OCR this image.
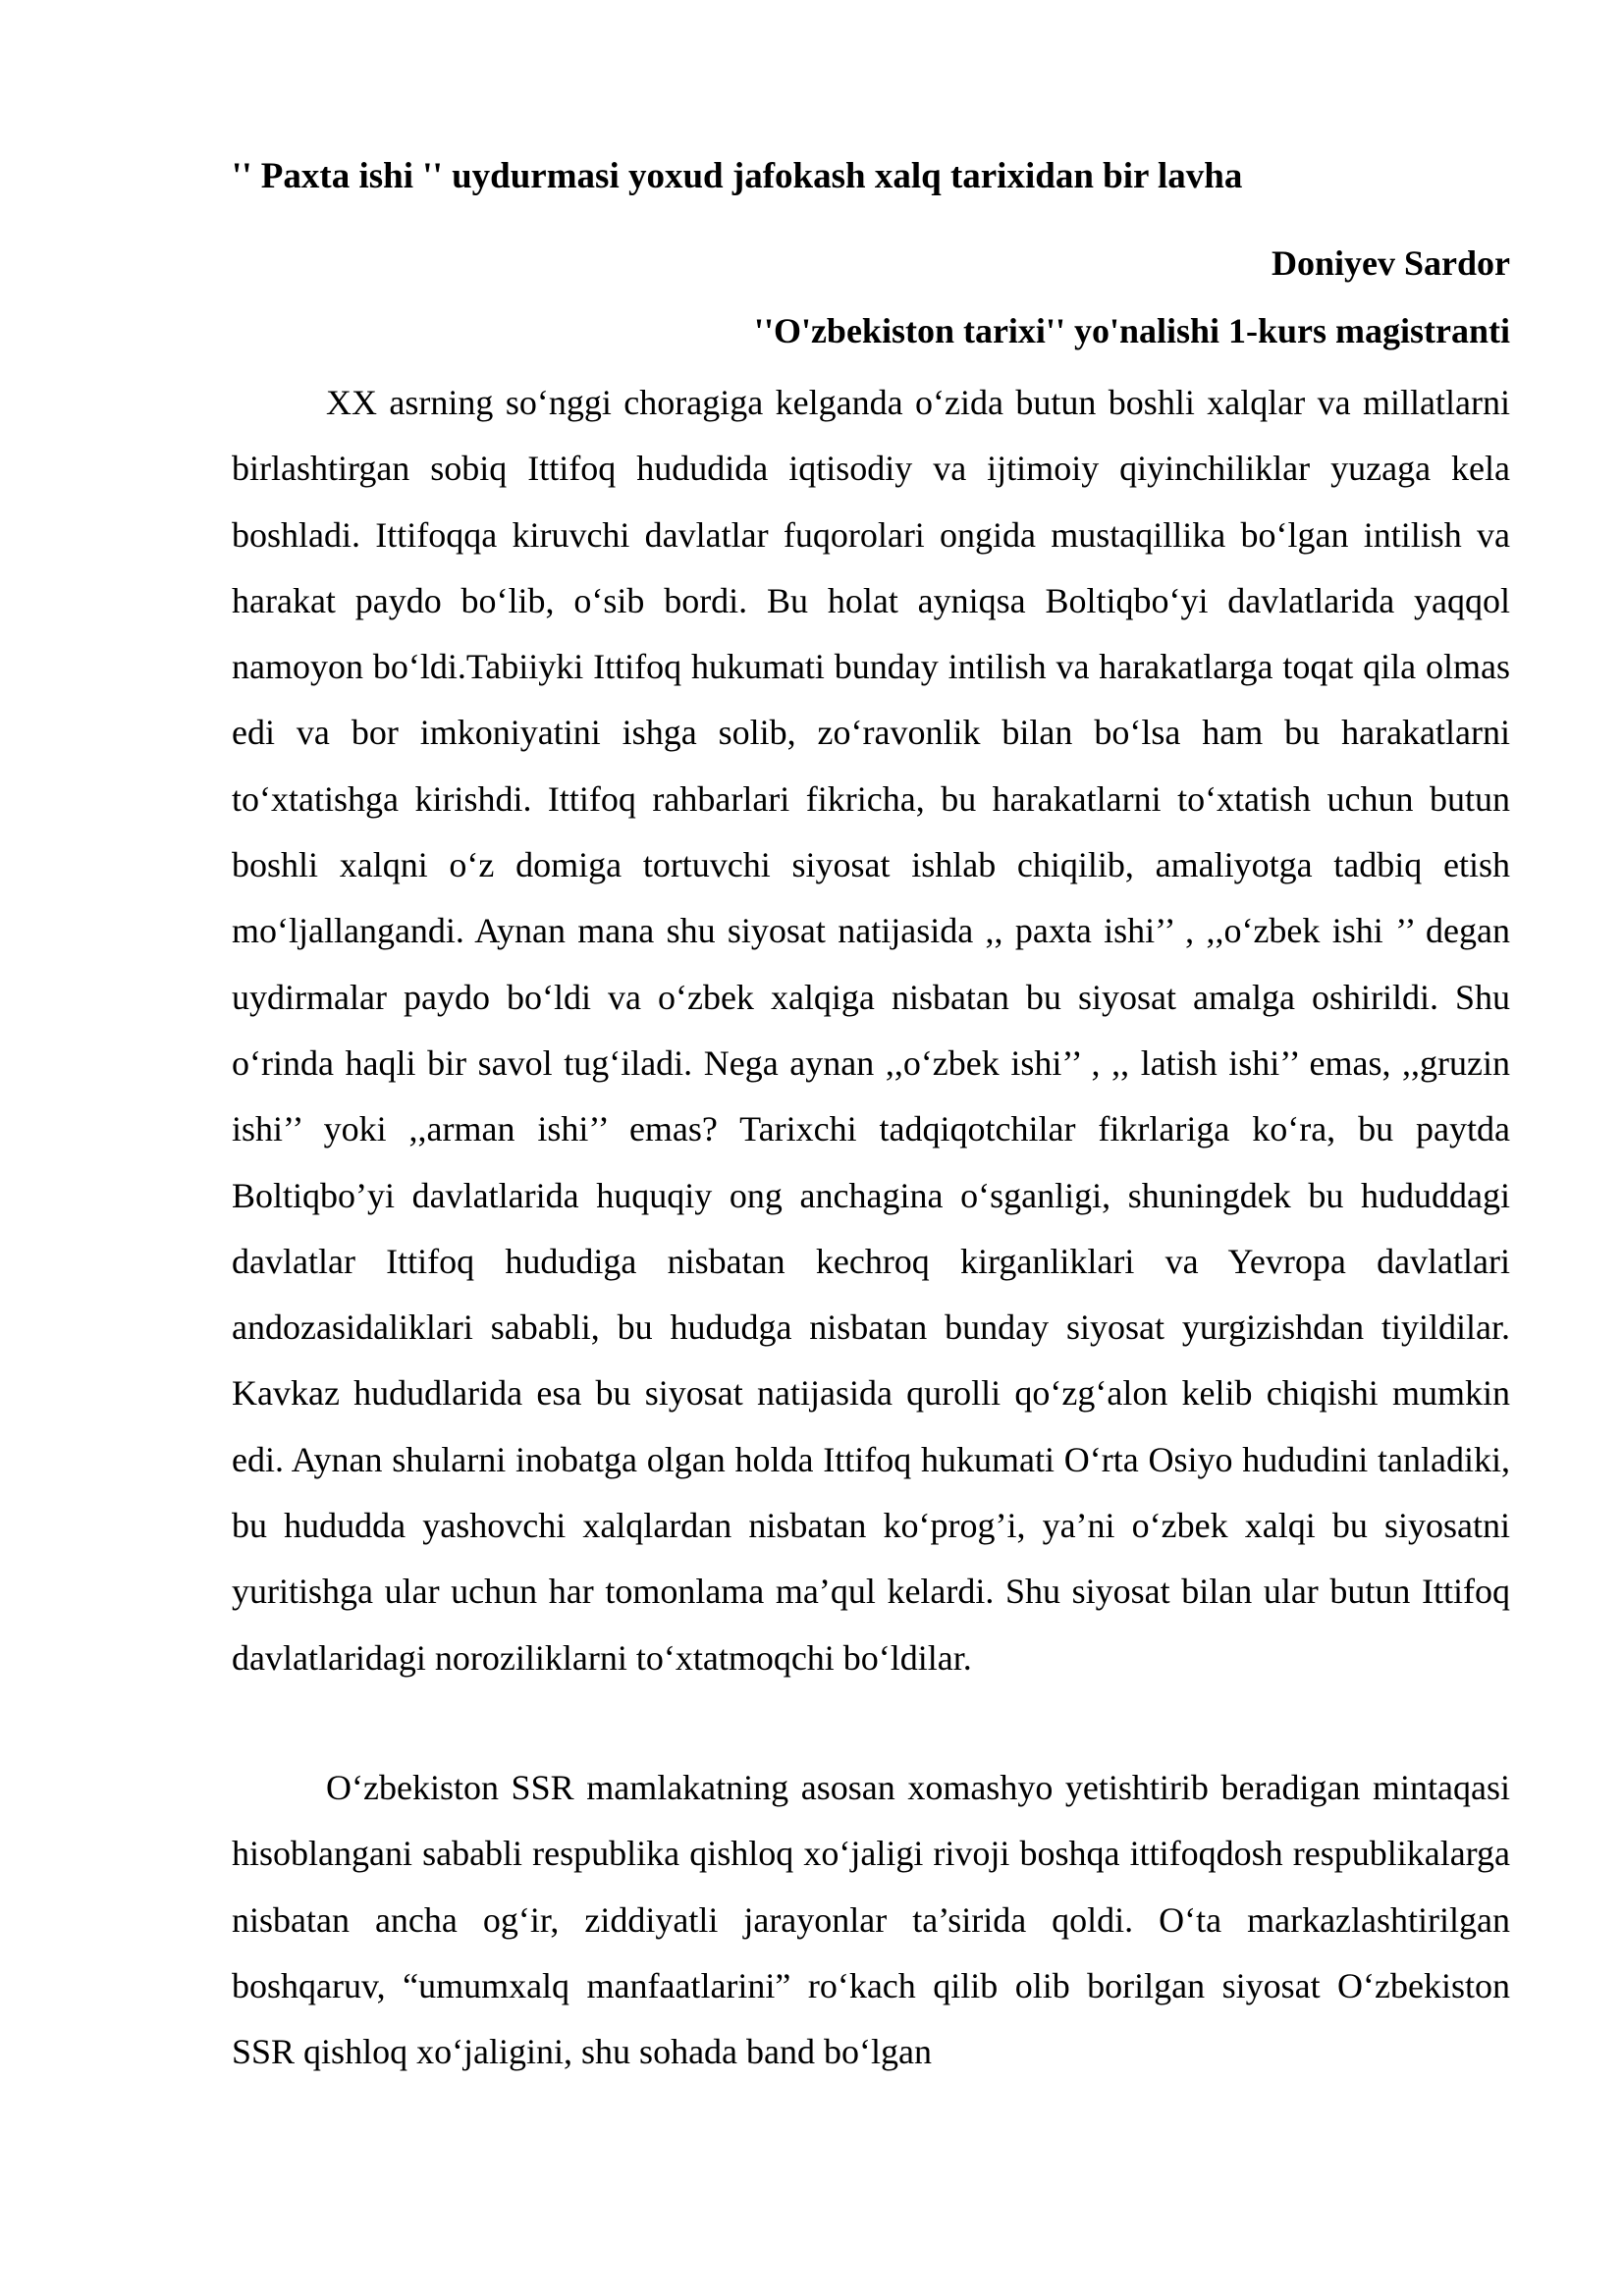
'' Paxta ishi '' uydurmasi yoxud jafokash xalq tarixidan bir lavha
Doniyev Sardor
''O'zbekiston tarixi'' yo'nalishi 1-kurs magistranti

XX asrning so‘nggi choragiga kelganda o‘zida butun boshli xalqlar va millatlarni birlashtirgan sobiq Ittifoq hududida iqtisodiy va ijtimoiy qiyinchiliklar yuzaga kela boshladi. Ittifoqqa kiruvchi davlatlar fuqorolari ongida mustaqillika bo‘lgan intilish va harakat paydo bo‘lib, o‘sib bordi. Bu holat ayniqsa Boltiqbo‘yi davlatlarida yaqqol namoyon bo‘ldi.Tabiiyki Ittifoq hukumati bunday intilish va harakatlarga toqat qila olmas edi va bor imkoniyatini ishga solib, zo‘ravonlik bilan bo‘lsa ham bu harakatlarni to‘xtatishga kirishdi. Ittifoq rahbarlari fikricha, bu harakatlarni to‘xtatish uchun butun boshli xalqni o‘z domiga tortuvchi siyosat ishlab chiqilib, amaliyotga tadbiq etish mo‘ljallangandi. Aynan mana shu siyosat natijasida ,, paxta ishi’’ , ,,o‘zbek ishi ’’ degan uydirmalar paydo bo‘ldi va o‘zbek xalqiga nisbatan bu siyosat amalga oshirildi. Shu o‘rinda haqli bir savol tug‘iladi. Nega aynan ,,o‘zbek ishi’’ , ,, latish ishi’’ emas, ,,gruzin ishi’’ yoki ,,arman ishi’’ emas? Tarixchi tadqiqotchilar fikrlariga ko‘ra, bu paytda Boltiqbo’yi davlatlarida huquqiy ong anchagina o‘sganligi, shuningdek bu hududdagi davlatlar Ittifoq hududiga nisbatan kechroq kirganliklari va Yevropa davlatlari andozasidaliklari sababli, bu hududga nisbatan bunday siyosat yurgizishdan tiyildilar. Kavkaz hududlarida esa bu siyosat natijasida qurolli qo‘zg‘alon kelib chiqishi mumkin edi. Aynan shularni inobatga olgan holda Ittifoq hukumati O‘rta Osiyo hududini tanladiki, bu hududda yashovchi xalqlardan nisbatan ko‘prog’i, ya’ni o‘zbek xalqi bu siyosatni yuritishga ular uchun har tomonlama ma’qul kelardi. Shu siyosat bilan ular butun Ittifoq davlatlaridagi noroziliklarni to‘xtatmoqchi bo‘ldilar.

O‘zbekiston SSR mamlakatning asosan xomashyo yetishtirib beradigan mintaqasi hisoblangani sababli respublika qishloq xo‘jaligi rivoji boshqa ittifoqdosh respublikalarga nisbatan ancha og‘ir, ziddiyatli jarayonlar ta’sirida qoldi. O‘ta markazlashtirilgan boshqaruv, “umumxalq manfaatlarini” ro‘kach qilib olib borilgan siyosat O‘zbekiston SSR qishloq xo‘jaligini, shu sohada band bo‘lgan
